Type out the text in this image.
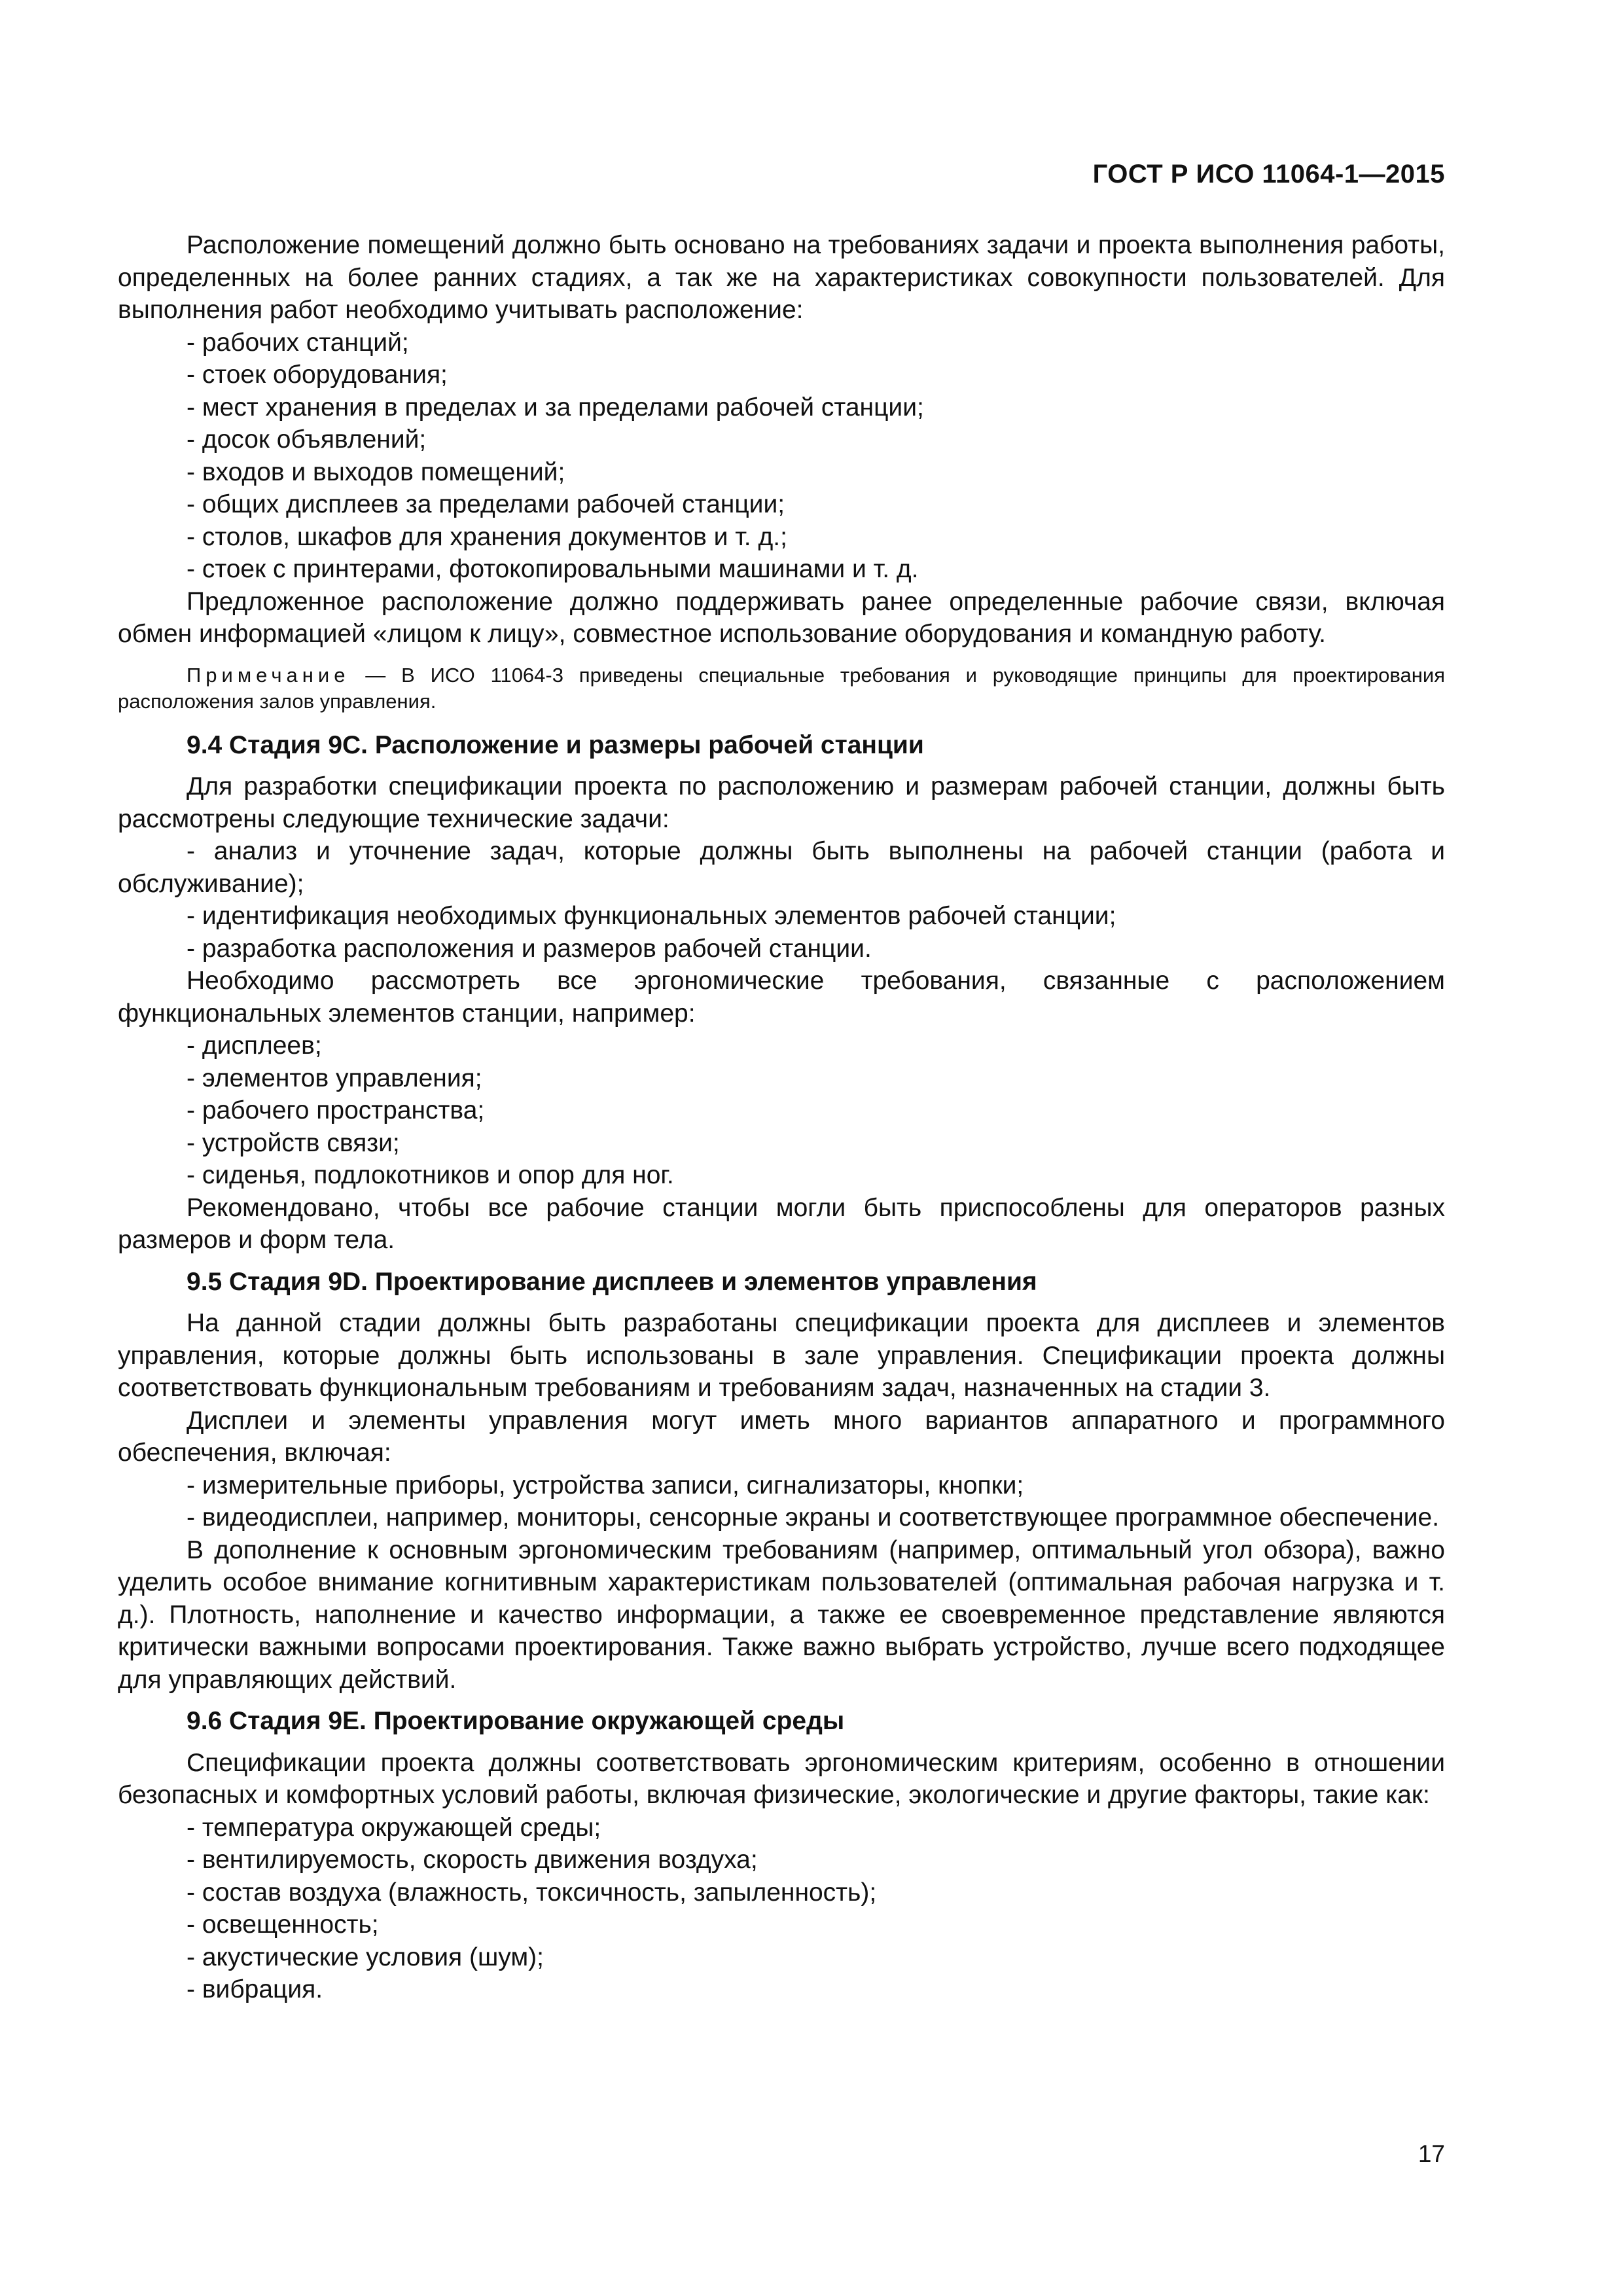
ГОСТ Р ИСО 11064-1—2015

Расположение помещений должно быть основано на требованиях задачи и проекта выполнения работы, определенных на более ранних стадиях, а так же на характеристиках совокупности пользователей. Для выполнения работ необходимо учитывать расположение:

- рабочих станций;

- стоек оборудования;

- мест хранения в пределах и за пределами рабочей станции;

- досок объявлений;

- входов и выходов помещений;

- общих дисплеев за пределами рабочей станции;

- столов, шкафов для хранения документов и т. д.;

- стоек с принтерами, фотокопировальными машинами и т. д.

Предложенное расположение должно поддерживать ранее определенные рабочие связи, включая обмен информацией «лицом к лицу», совместное использование оборудования и командную работу.

Примечание — В ИСО 11064-3 приведены специальные требования и руководящие принципы для проектирования расположения залов управления.

9.4 Стадия 9С. Расположение и размеры рабочей станции

Для разработки спецификации проекта по расположению и размерам рабочей станции, должны быть рассмотрены следующие технические задачи:

- анализ и уточнение задач, которые должны быть выполнены на рабочей станции (работа и обслуживание);

- идентификация необходимых функциональных элементов рабочей станции;

- разработка расположения и размеров рабочей станции.

Необходимо рассмотреть все эргономические требования, связанные с расположением функциональных элементов станции, например:

- дисплеев;

- элементов управления;

- рабочего пространства;

- устройств связи;

- сиденья, подлокотников и опор для ног.

Рекомендовано, чтобы все рабочие станции могли быть приспособлены для операторов разных размеров и форм тела.

9.5 Стадия 9D. Проектирование дисплеев и элементов управления

На данной стадии должны быть разработаны спецификации проекта для дисплеев и элементов управления, которые должны быть использованы в зале управления. Спецификации проекта должны соответствовать функциональным требованиям и требованиям задач, назначенных на стадии 3.

Дисплеи и элементы управления могут иметь много вариантов аппаратного и программного обеспечения, включая:

- измерительные приборы, устройства записи, сигнализаторы, кнопки;

- видеодисплеи, например, мониторы, сенсорные экраны и соответствующее программное обеспечение.

В дополнение к основным эргономическим требованиям (например, оптимальный угол обзора), важно уделить особое внимание когнитивным характеристикам пользователей (оптимальная рабочая нагрузка и т. д.). Плотность, наполнение и качество информации, а также ее своевременное представление являются критически важными вопросами проектирования. Также важно выбрать устройство, лучше всего подходящее для управляющих действий.

9.6 Стадия 9Е. Проектирование окружающей среды

Спецификации проекта должны соответствовать эргономическим критериям, особенно в отношении безопасных и комфортных условий работы, включая физические, экологические и другие факторы, такие как:

- температура окружающей среды;

- вентилируемость, скорость движения воздуха;

- состав воздуха (влажность, токсичность, запыленность);

- освещенность;

- акустические условия (шум);

- вибрация.

17
